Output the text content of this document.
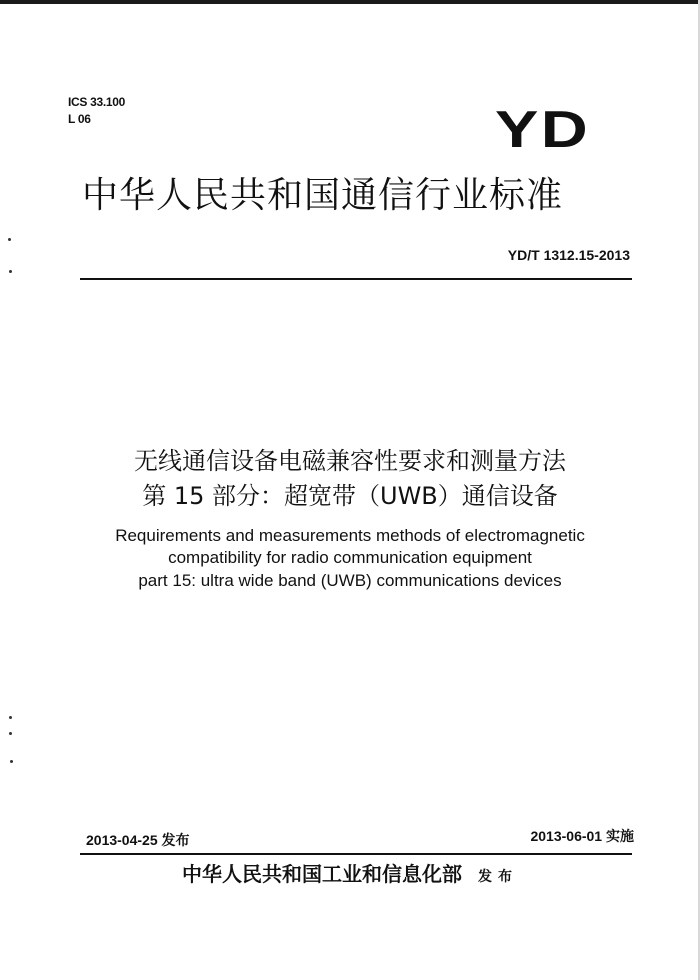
ICS 33.100
L 06	YD
中华人民共和国通信行业标准
YD/T 1312.15-2013
无线通信设备电磁兼容性要求和测量方法
第 15 部分：超宽带（UWB）通信设备
Requirements and measurements methods of electromagnetic
compatibility for radio communication equipment
part 15: ultra wide band (UWB) communications devices
2013-04-25 发布	2013-06-01 实施
中华人民共和国工业和信息化部 发布
